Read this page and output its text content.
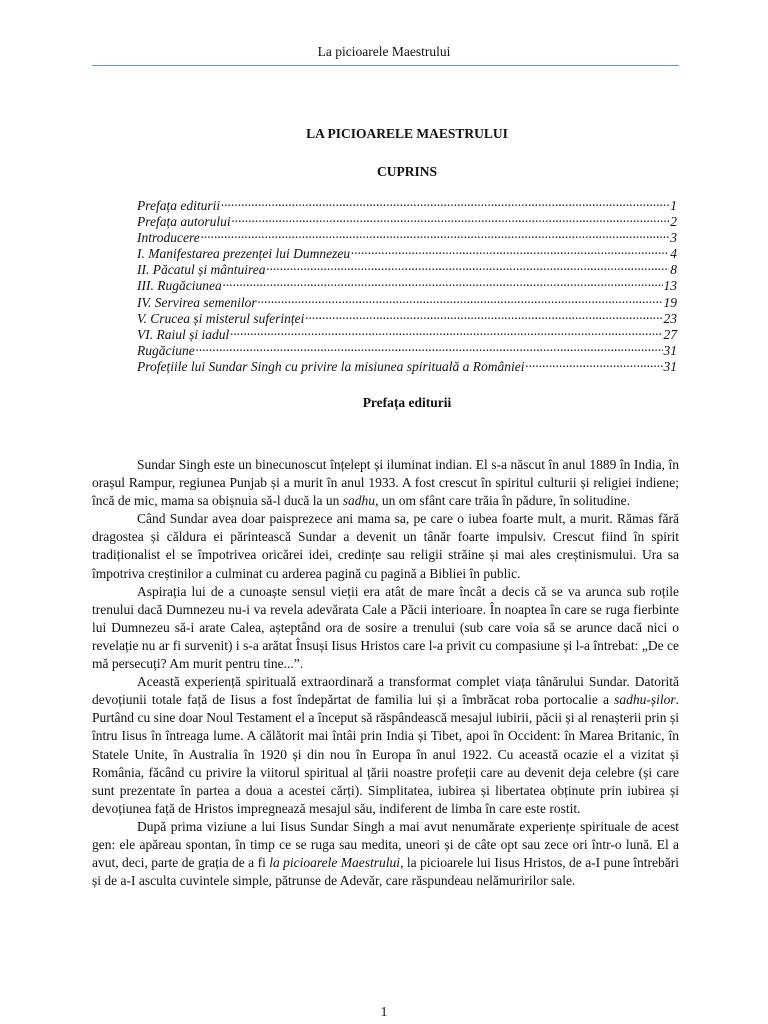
La picioarele Maestrului
LA PICIOARELE MAESTRULUI
CUPRINS
Prefața editurii .....	1
Prefața autorului .....	2
Introducere .....	3
I. Manifestarea prezenței lui Dumnezeu .....	4
II. Păcatul și mântuirea .....	8
III. Rugăciunea .....	13
IV. Servirea semenilor .....	19
V. Crucea și misterul suferinței .....	23
VI. Raiul și iadul .....	27
Rugăciune .....	31
Profețiile lui Sundar Singh cu privire la misiunea spirituală a României .....	31
Prefața editurii

Sundar Singh este un binecunoscut înțelept și iluminat indian. El s-a născut în anul 1889 în India, în orașul Rampur, regiunea Punjab și a murit în anul 1933. A fost crescut în spiritul culturii și religiei indiene; încă de mic, mama sa obișnuia să-l ducă la un sadhu, un om sfânt care trăia în pădure, în solitudine.

Când Sundar avea doar paisprezece ani mama sa, pe care o iubea foarte mult, a murit. Rămas fără dragostea și căldura ei părintească Sundar a devenit un tânăr foarte impulsiv. Crescut fiind în spirit tradiționalist el se împotrivea oricărei idei, credințe sau religii străine și mai ales creștinismului. Ura sa împotriva creștinilor a culminat cu arderea pagină cu pagină a Bibliei în public.

Aspirația lui de a cunoaște sensul vieții era atât de mare încât a decis că se va arunca sub roțile trenului dacă Dumnezeu nu-i va revela adevărata Cale a Păcii interioare. În noaptea în care se ruga fierbinte lui Dumnezeu să-i arate Calea, așteptând ora de sosire a trenului (sub care voia să se arunce dacă nici o revelație nu ar fi survenit) i s-a arătat Însuși Iisus Hristos care l-a privit cu compasiune și l-a întrebat: „De ce mă persecuți? Am murit pentru tine...”.

Această experiență spirituală extraordinară a transformat complet viața tânărului Sundar. Datorită devoțiunii totale față de Iisus a fost îndepărtat de familia lui și a îmbrăcat roba portocalie a sadhu-șilor. Purtând cu sine doar Noul Testament el a început să răspândească mesajul iubirii, păcii și al renașterii prin și întru Iisus în întreaga lume. A călătorit mai întâi prin India și Tibet, apoi în Occident: în Marea Britanic, în Statele Unite, în Australia în 1920 și din nou în Europa în anul 1922. Cu această ocazie el a vizitat și România, făcând cu privire la viitorul spiritual al țării noastre profeții care au devenit deja celebre (și care sunt prezentate în partea a doua a acestei cărți). Simplitatea, iubirea și libertatea obținute prin iubirea și devoțiunea față de Hristos impregnează mesajul său, indiferent de limba în care este rostit.

După prima viziune a lui Iisus Sundar Singh a mai avut nenumărate experiențe spirituale de acest gen: ele apăreau spontan, în timp ce se ruga sau medita, uneori și de câte opt sau zece ori într-o lună. El a avut, deci, parte de grația de a fi la picioarele Maestrului, la picioarele lui Iisus Hristos, de a-I pune întrebări și de a-I asculta cuvintele simple, pătrunse de Adevăr, care răspundeau nelămuririlor sale.

1
